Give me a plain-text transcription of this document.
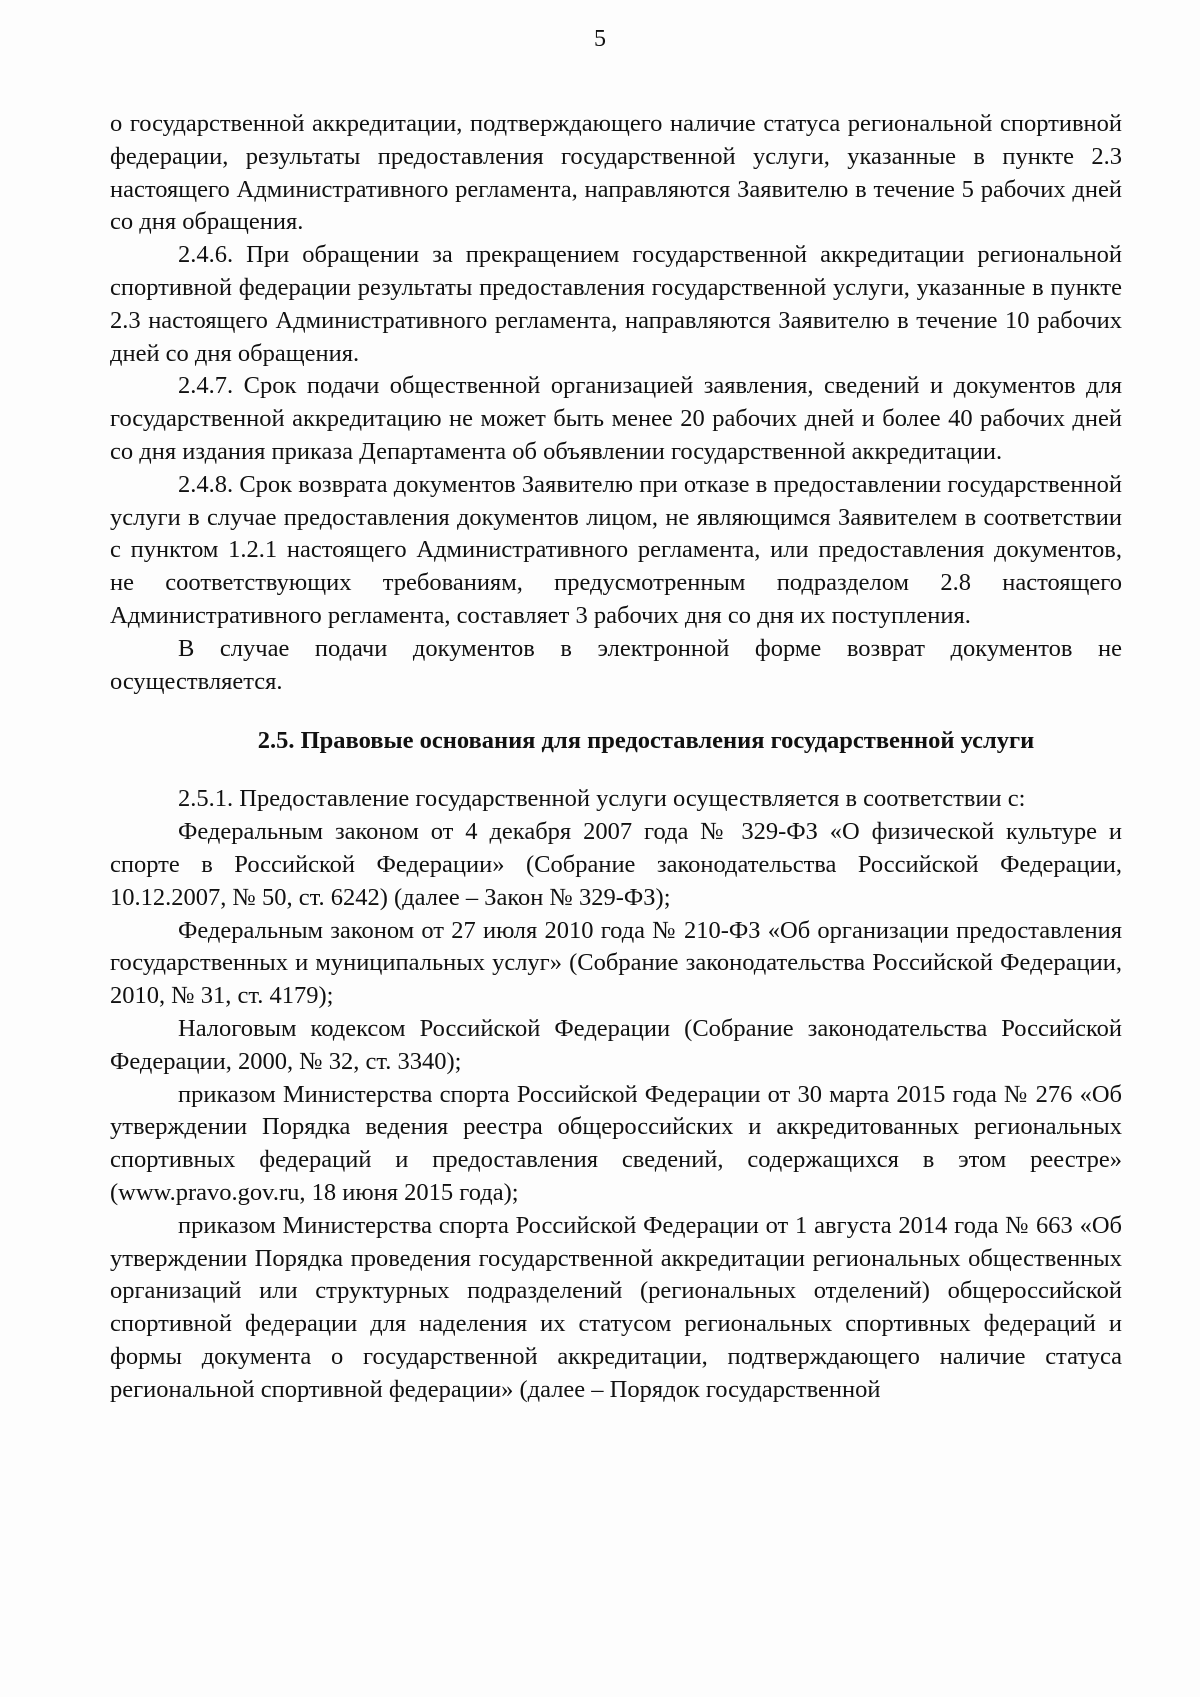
5

о государственной аккредитации, подтверждающего наличие статуса региональной спортивной федерации, результаты предоставления государственной услуги, указанные в пункте 2.3 настоящего Административного регламента, направляются Заявителю в течение 5 рабочих дней со дня обращения.

2.4.6. При обращении за прекращением государственной аккредитации региональной спортивной федерации результаты предоставления государственной услуги, указанные в пункте 2.3 настоящего Административного регламента, направляются Заявителю в течение 10 рабочих дней со дня обращения.

2.4.7. Срок подачи общественной организацией заявления, сведений и документов для государственной аккредитацию не может быть менее 20 рабочих дней и более 40 рабочих дней со дня издания приказа Департамента об объявлении государственной аккредитации.

2.4.8. Срок возврата документов Заявителю при отказе в предоставлении государственной услуги в случае предоставления документов лицом, не являющимся Заявителем в соответствии с пунктом 1.2.1 настоящего Административного регламента, или предоставления документов, не соответствующих требованиям, предусмотренным подразделом 2.8 настоящего Административного регламента, составляет 3 рабочих дня со дня их поступления.

В случае подачи документов в электронной форме возврат документов не осуществляется.

2.5. Правовые основания для предоставления государственной услуги

2.5.1. Предоставление государственной услуги осуществляется в соответствии с:

Федеральным законом от 4 декабря 2007 года № 329-ФЗ «О физической культуре и спорте в Российской Федерации» (Собрание законодательства Российской Федерации, 10.12.2007, № 50, ст. 6242) (далее – Закон № 329-ФЗ);

Федеральным законом от 27 июля 2010 года № 210-ФЗ «Об организации предоставления государственных и муниципальных услуг» (Собрание законодательства Российской Федерации, 2010, № 31, ст. 4179);

Налоговым кодексом Российской Федерации (Собрание законодательства Российской Федерации, 2000, № 32, ст. 3340);

приказом Министерства спорта Российской Федерации от 30 марта 2015 года № 276 «Об утверждении Порядка ведения реестра общероссийских и аккредитованных региональных спортивных федераций и предоставления сведений, содержащихся в этом реестре» (www.pravo.gov.ru, 18 июня 2015 года);

приказом Министерства спорта Российской Федерации от 1 августа 2014 года № 663 «Об утверждении Порядка проведения государственной аккредитации региональных общественных организаций или структурных подразделений (региональных отделений) общероссийской спортивной федерации для наделения их статусом региональных спортивных федераций и формы документа о государственной аккредитации, подтверждающего наличие статуса региональной спортивной федерации» (далее – Порядок государственной
